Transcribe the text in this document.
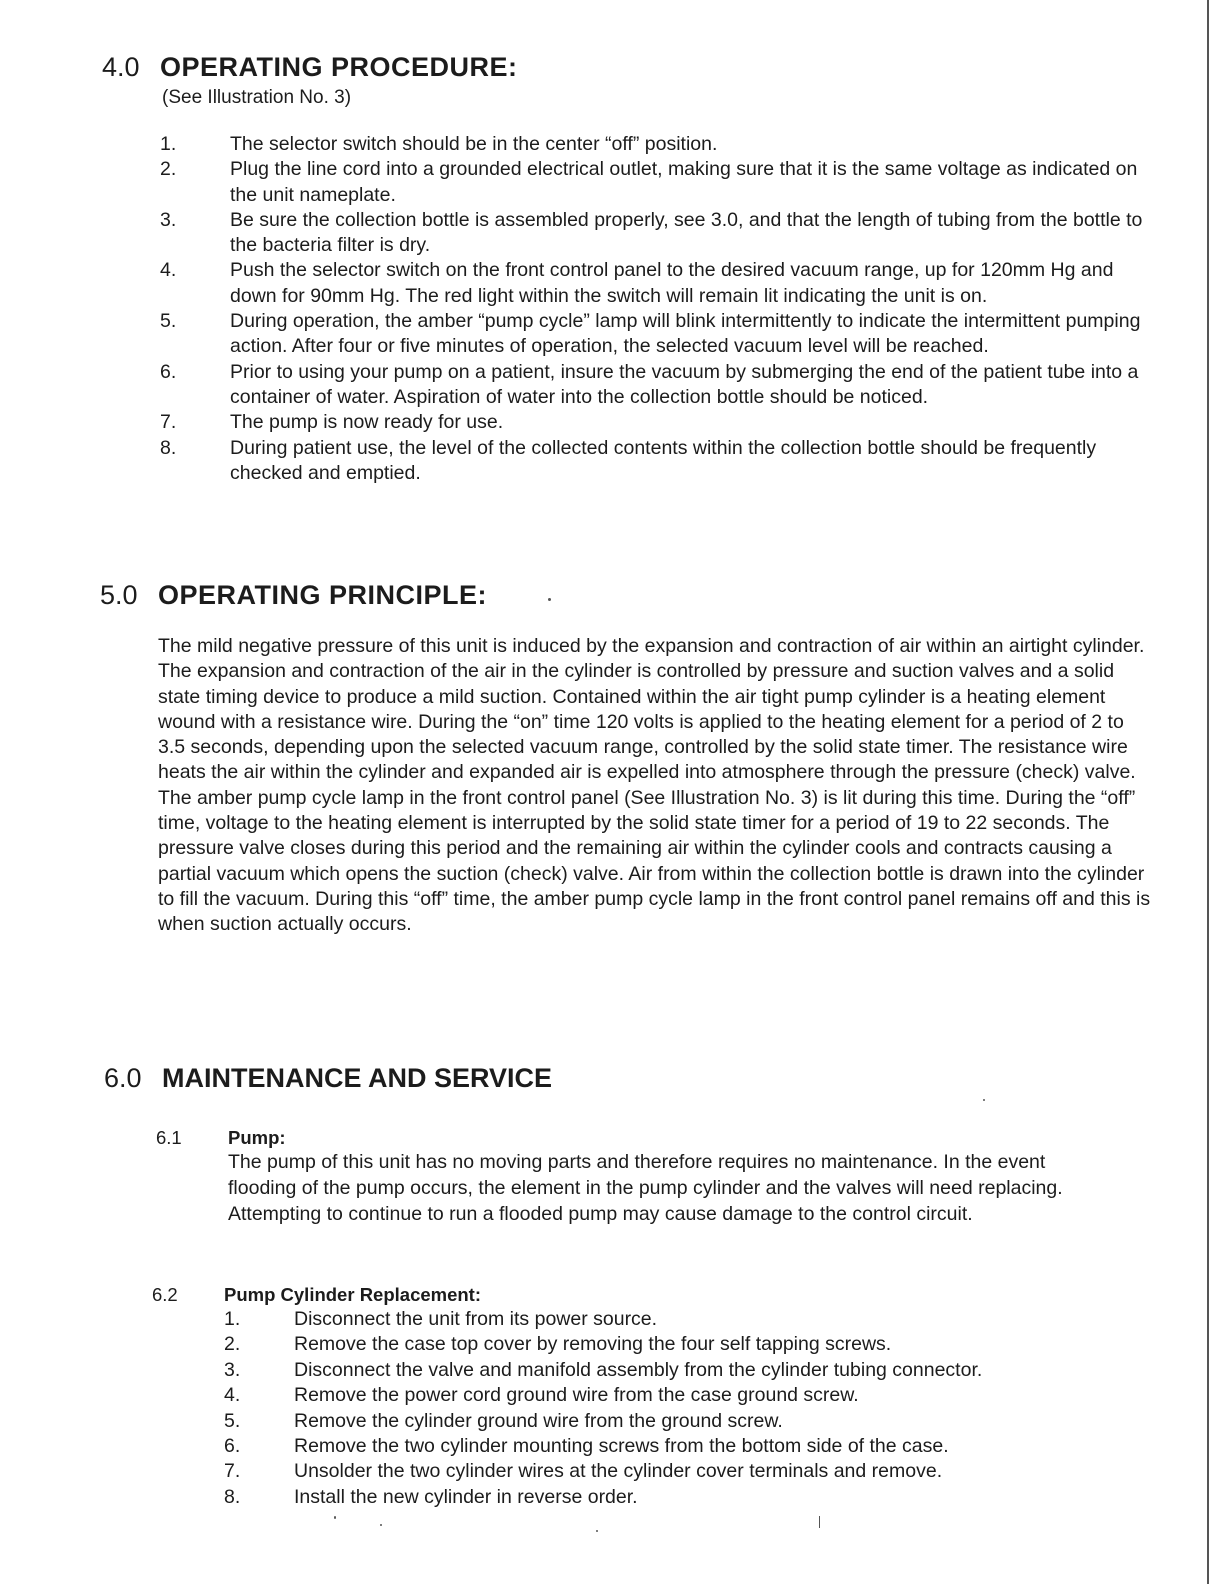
4.0 OPERATING PROCEDURE:
(See Illustration No. 3)
1.	The selector switch should be in the center “off” position.
2.	Plug the line cord into a grounded electrical outlet, making sure that it is the same voltage as indicated on the unit nameplate.
3.	Be sure the collection bottle is assembled properly, see 3.0, and that the length of tubing from the bottle to the bacteria filter is dry.
4.	Push the selector switch on the front control panel to the desired vacuum range, up for 120mm Hg and down for 90mm Hg. The red light within the switch will remain lit indicating the unit is on.
5.	During operation, the amber “pump cycle” lamp will blink intermittently to indicate the intermittent pumping action. After four or five minutes of operation, the selected vacuum level will be reached.
6.	Prior to using your pump on a patient, insure the vacuum by submerging the end of the patient tube into a container of water. Aspiration of water into the collection bottle should be noticed.
7.	The pump is now ready for use.
8.	During patient use, the level of the collected contents within the collection bottle should be frequently checked and emptied.
5.0 OPERATING PRINCIPLE:
The mild negative pressure of this unit is induced by the expansion and contraction of air within an airtight cylinder. The expansion and contraction of the air in the cylinder is controlled by pressure and suction valves and a solid state timing device to produce a mild suction. Contained within the air tight pump cylinder is a heating element wound with a resistance wire. During the “on” time 120 volts is applied to the heating element for a period of 2 to 3.5 seconds, depending upon the selected vacuum range, controlled by the solid state timer. The resistance wire heats the air within the cylinder and expanded air is expelled into atmosphere through the pressure (check) valve. The amber pump cycle lamp in the front control panel (See Illustration No. 3) is lit during this time. During the “off” time, voltage to the heating element is interrupted by the solid state timer for a period of 19 to 22 seconds. The pressure valve closes during this period and the remaining air within the cylinder cools and contracts causing a partial vacuum which opens the suction (check) valve. Air from within the collection bottle is drawn into the cylinder to fill the vacuum. During this “off” time, the amber pump cycle lamp in the front control panel remains off and this is when suction actually occurs.
6.0 MAINTENANCE AND SERVICE
6.1	Pump:
The pump of this unit has no moving parts and therefore requires no maintenance. In the event flooding of the pump occurs, the element in the pump cylinder and the valves will need replacing. Attempting to continue to run a flooded pump may cause damage to the control circuit.
6.2	Pump Cylinder Replacement:
1.	Disconnect the unit from its power source.
2.	Remove the case top cover by removing the four self tapping screws.
3.	Disconnect the valve and manifold assembly from the cylinder tubing connector.
4.	Remove the power cord ground wire from the case ground screw.
5.	Remove the cylinder ground wire from the ground screw.
6.	Remove the two cylinder mounting screws from the bottom side of the case.
7.	Unsolder the two cylinder wires at the cylinder cover terminals and remove.
8.	Install the new cylinder in reverse order.
